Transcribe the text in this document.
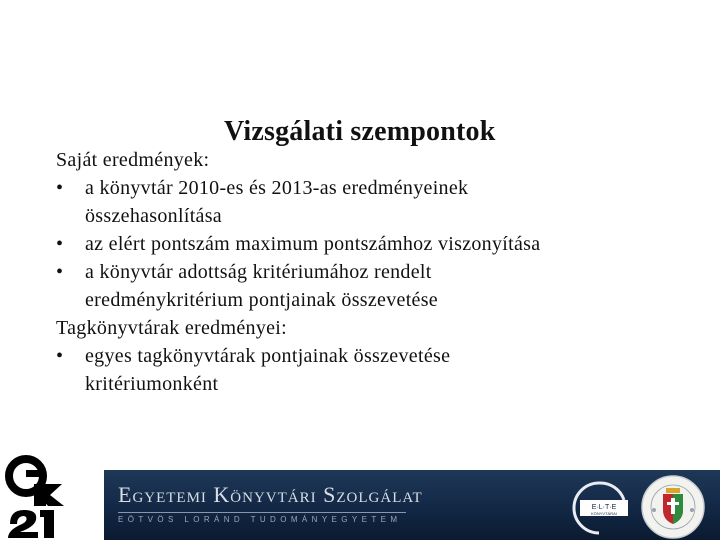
Vizsgálati szempontok

Saját eredmények:

• a könyvtár 2010-es és 2013-as eredményeinek
összehasonlítása
• az elért pontszám maximum pontszámhoz viszonyítása
• a könyvtár adottság kritériumához rendelt
eredménykritérium pontjainak összevetése

Tagkönyvtárak eredményei:

• egyes tagkönyvtárak pontjainak összevetése
kritériumonként
Egyetemi Könyvtári Szolgálat
EÖTVÖS LORÁND TUDOMÁNYEGYETEM
E·L·T·E
KÖNYVTÁRAI
